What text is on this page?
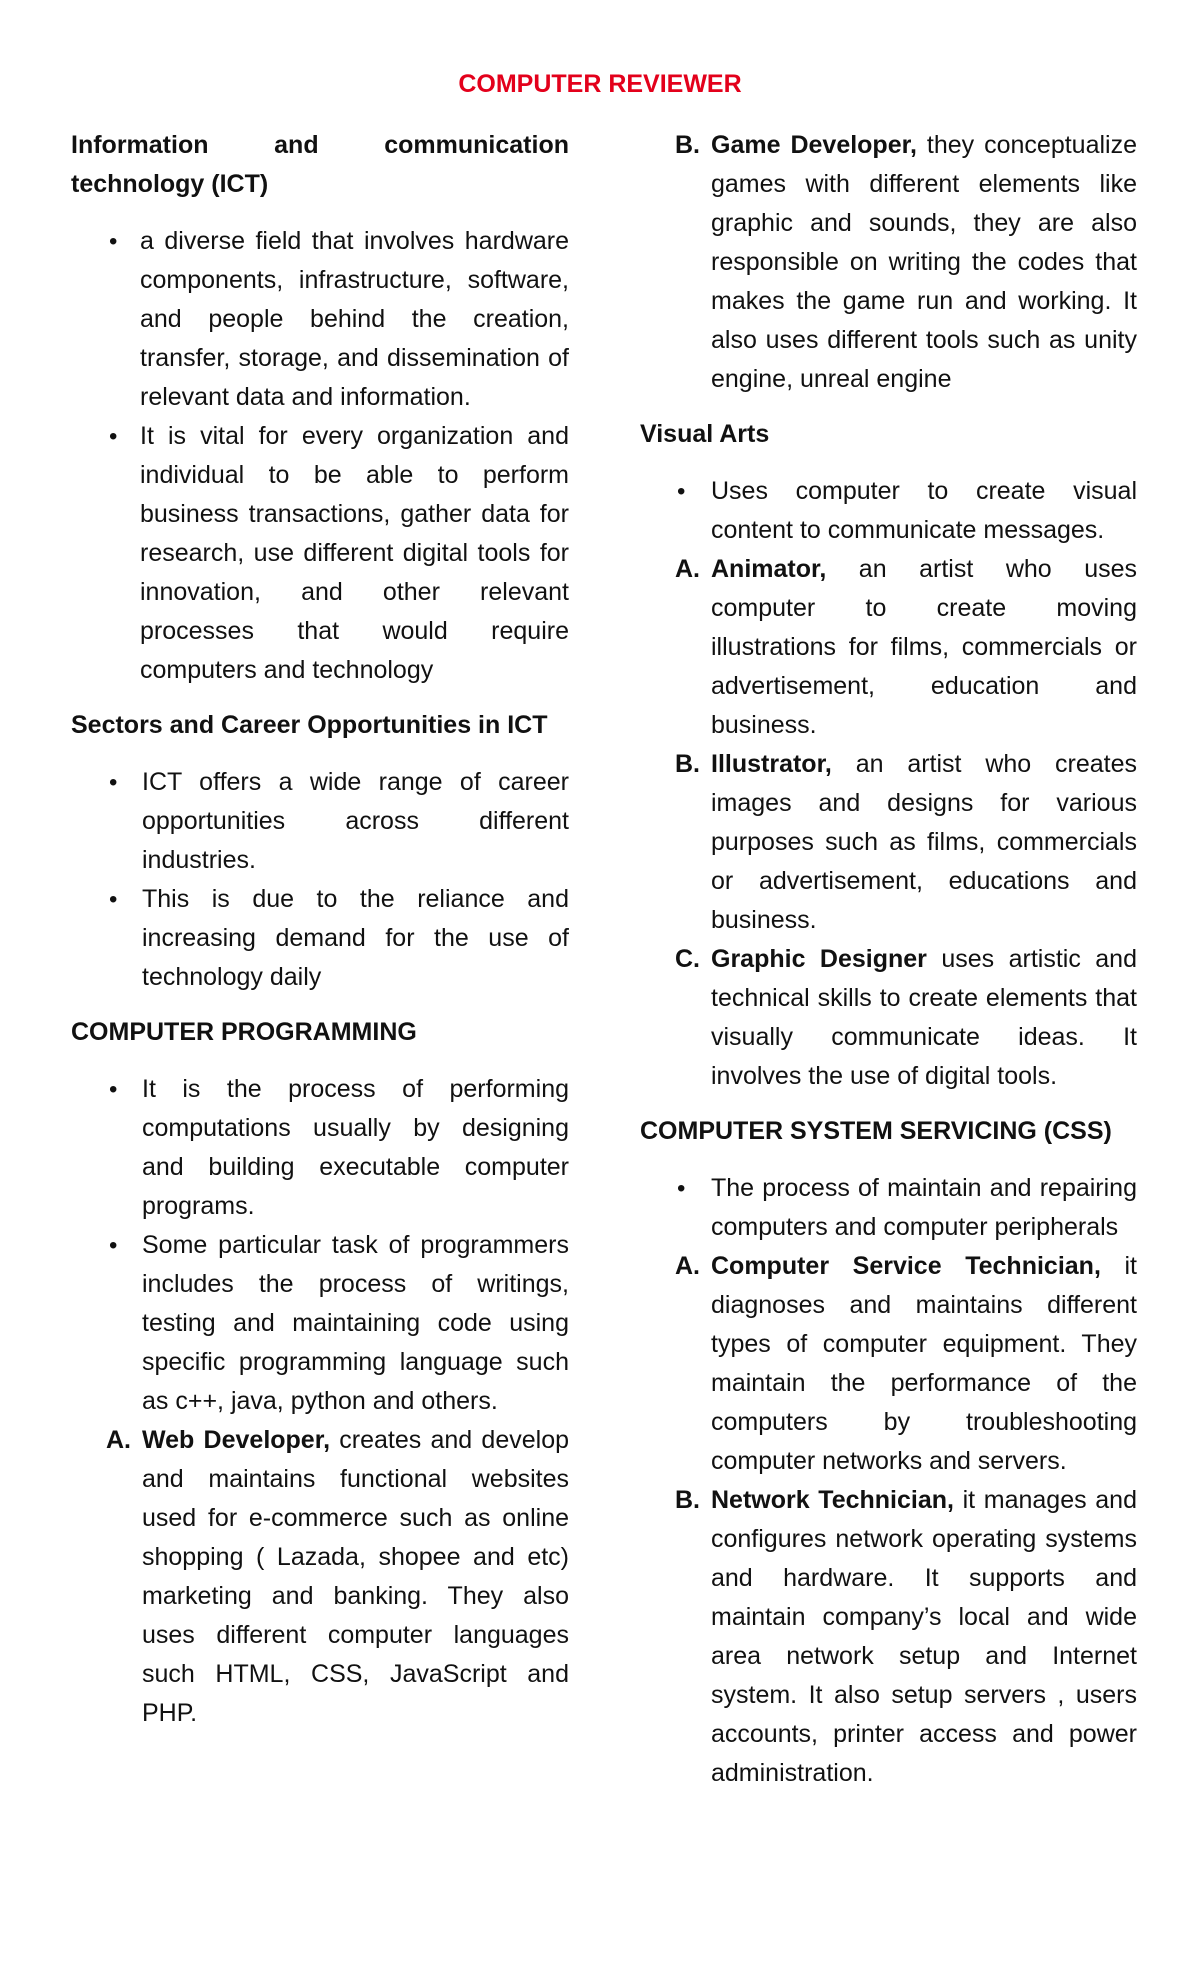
COMPUTER REVIEWER
Information and communication technology (ICT)
• a diverse field that involves hardware components, infrastructure, software, and people behind the creation, transfer, storage, and dissemination of relevant data and information.
• It is vital for every organization and individual to be able to perform business transactions, gather data for research, use different digital tools for innovation, and other relevant processes that would require computers and technology
Sectors and Career Opportunities in ICT
• ICT offers a wide range of career opportunities across different industries.
• This is due to the reliance and increasing demand for the use of technology daily
COMPUTER PROGRAMMING
• It is the process of performing computations usually by designing and building executable computer programs.
• Some particular task of programmers includes the process of writings, testing and maintaining code using specific programming language such as c++, java, python and others.
A. Web Developer, creates and develop and maintains functional websites used for e-commerce such as online shopping ( Lazada, shopee and etc) marketing and banking. They also uses different computer languages such HTML, CSS, JavaScript and PHP.
B. Game Developer, they conceptualize games with different elements like graphic and sounds, they are also responsible on writing the codes that makes the game run and working. It also uses different tools such as unity engine, unreal engine
Visual Arts
• Uses computer to create visual content to communicate messages.
A. Animator, an artist who uses computer to create moving illustrations for films, commercials or advertisement, education and business.
B. Illustrator, an artist who creates images and designs for various purposes such as films, commercials or advertisement, educations and business.
C. Graphic Designer uses artistic and technical skills to create elements that visually communicate ideas. It involves the use of digital tools.
COMPUTER SYSTEM SERVICING (CSS)
• The process of maintain and repairing computers and computer peripherals
A. Computer Service Technician, it diagnoses and maintains different types of computer equipment. They maintain the performance of the computers by troubleshooting computer networks and servers.
B. Network Technician, it manages and configures network operating systems and hardware. It supports and maintain company’s local and wide area network setup and Internet system. It also setup servers , users accounts, printer access and power administration.
